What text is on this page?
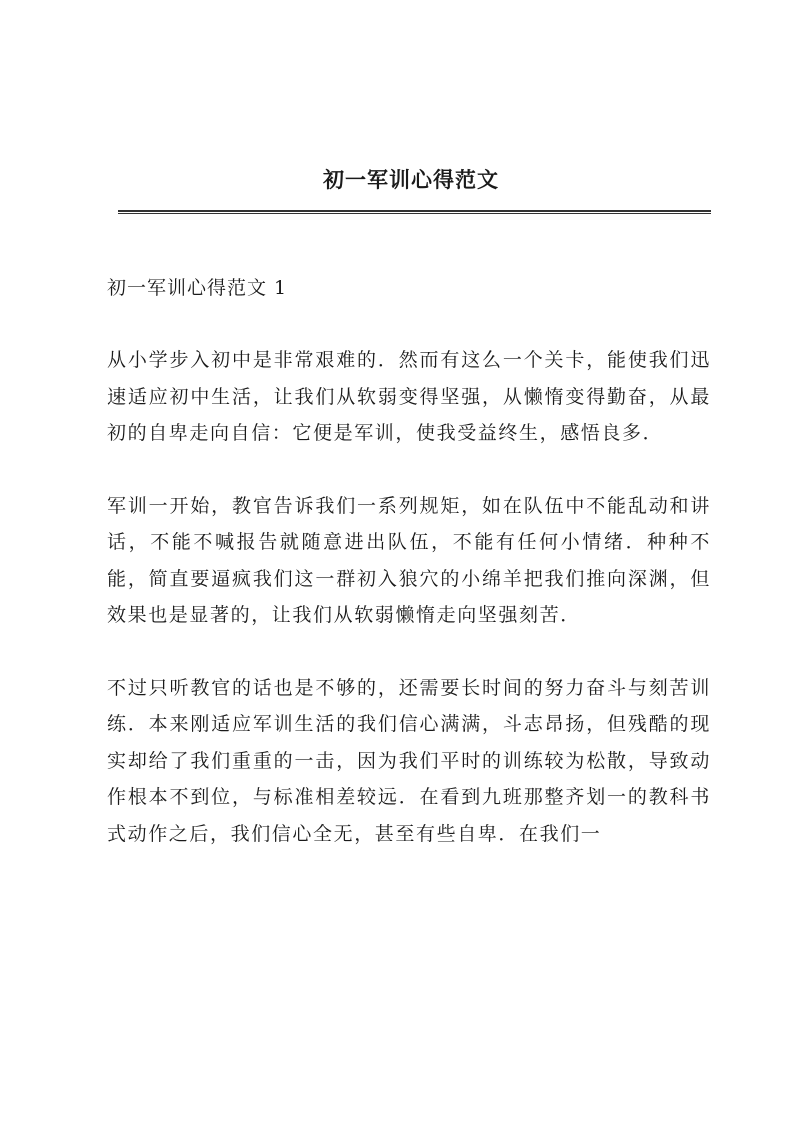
初一军训心得范文

初一军训心得范文 1

从小学步入初中是非常艰难的．然而有这么一个关卡，能使我们迅速适应初中生活，让我们从软弱变得坚强，从懒惰变得勤奋，从最初的自卑走向自信：它便是军训，使我受益终生，感悟良多．

军训一开始，教官告诉我们一系列规矩，如在队伍中不能乱动和讲话，不能不喊报告就随意进出队伍，不能有任何小情绪．种种不能，简直要逼疯我们这一群初入狼穴的小绵羊把我们推向深渊，但效果也是显著的，让我们从软弱懒惰走向坚强刻苦．

不过只听教官的话也是不够的，还需要长时间的努力奋斗与刻苦训练．本来刚适应军训生活的我们信心满满，斗志昂扬，但残酷的现实却给了我们重重的一击，因为我们平时的训练较为松散，导致动作根本不到位，与标准相差较远．在看到九班那整齐划一的教科书式动作之后，我们信心全无，甚至有些自卑．在我们一
